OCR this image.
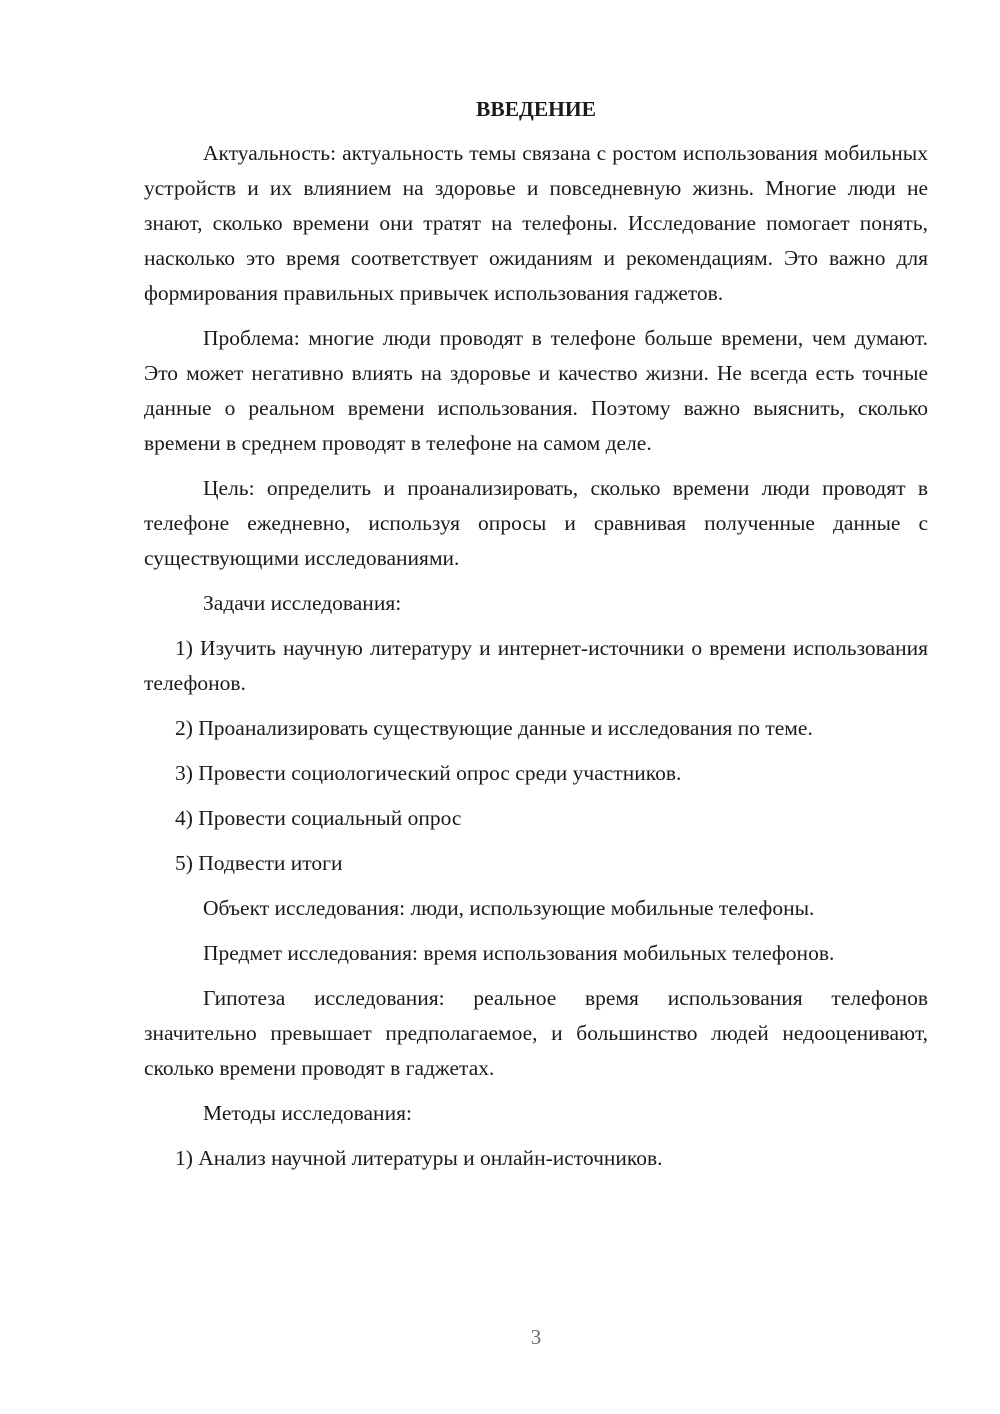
ВВЕДЕНИЕ

Актуальность: актуальность темы связана с ростом использования мобильных устройств и их влиянием на здоровье и повседневную жизнь. Многие люди не знают, сколько времени они тратят на телефоны. Исследование помогает понять, насколько это время соответствует ожиданиям и рекомендациям. Это важно для формирования правильных привычек использования гаджетов.

Проблема: многие люди проводят в телефоне больше времени, чем думают. Это может негативно влиять на здоровье и качество жизни. Не всегда есть точные данные о реальном времени использования. Поэтому важно выяснить, сколько времени в среднем проводят в телефоне на самом деле.

Цель: определить и проанализировать, сколько времени люди проводят в телефоне ежедневно, используя опросы и сравнивая полученные данные с существующими исследованиями.

Задачи исследования:

1) Изучить научную литературу и интернет-источники о времени использования телефонов.

2) Проанализировать существующие данные и исследования по теме.

3) Провести социологический опрос среди участников.

4) Провести социальный опрос

5) Подвести итоги

Объект исследования: люди, использующие мобильные телефоны.

Предмет исследования: время использования мобильных телефонов.

Гипотеза исследования: реальное время использования телефонов значительно превышает предполагаемое, и большинство людей недооценивают, сколько времени проводят в гаджетах.

Методы исследования:

1) Анализ научной литературы и онлайн-источников.

3
